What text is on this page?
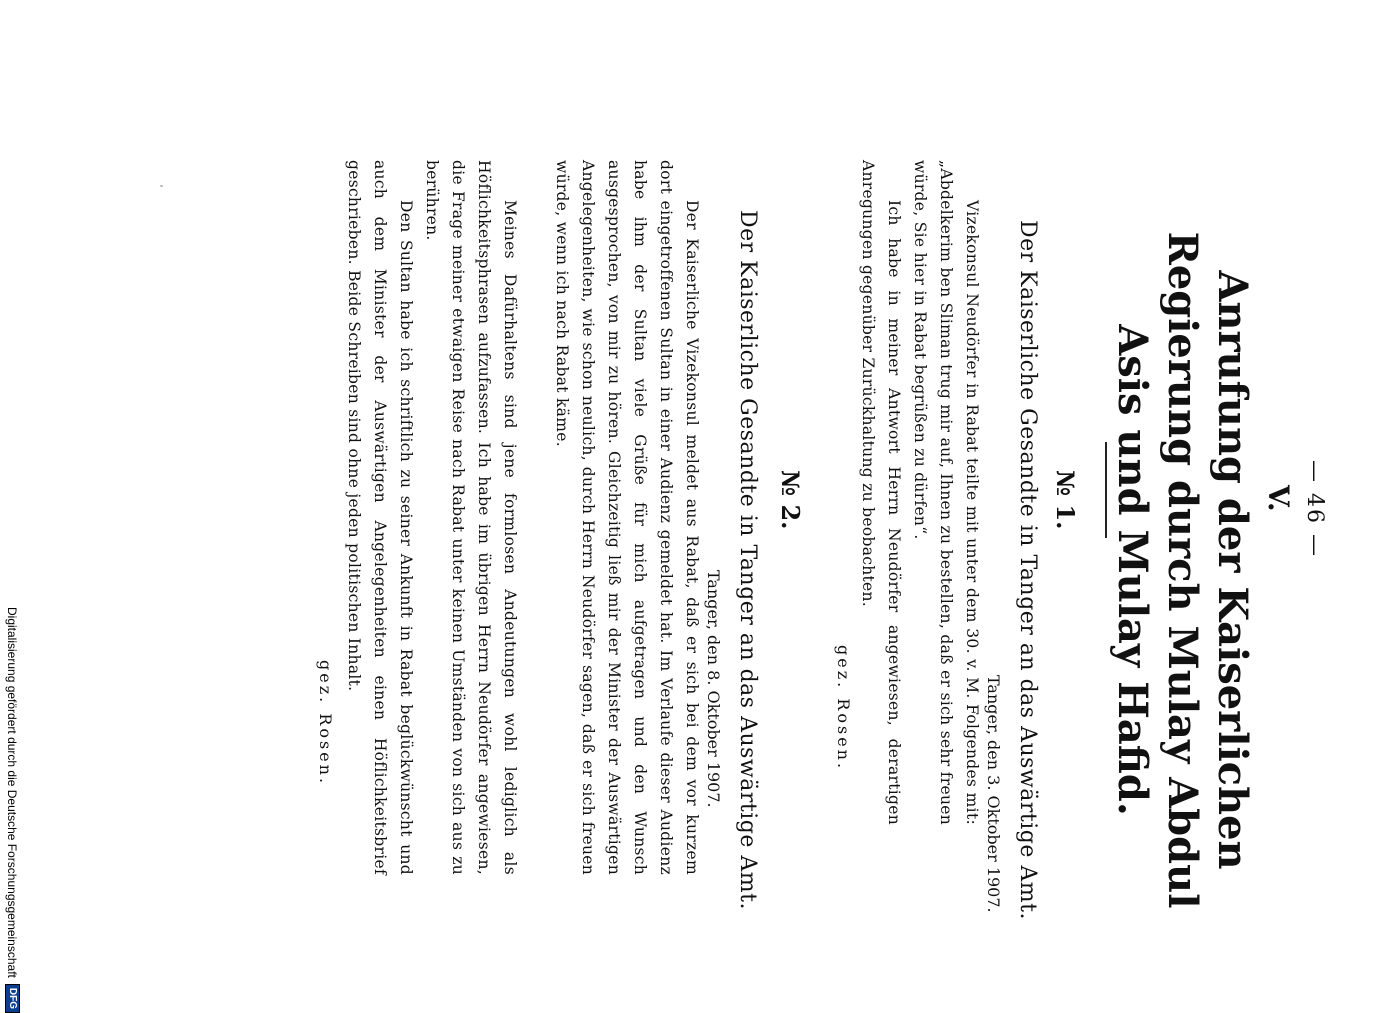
— 46 —
V.
Anrufung der Kaiserlichen Regierung durch Mulay Abdul Asis und Mulay Hafid.
№ 1.
Der Kaiserliche Gesandte in Tanger an das Auswärtige Amt.
Tanger, den 3. Oktober 1907.
Vizekonsul Neudörfer in Rabat teilte mit unter dem 30. v. M. Folgendes mit: „Abdelkerim ben Sliman trug mir auf, Ihnen zu bestellen, daß er sich sehr freuen würde, Sie hier in Rabat begrüßen zu dürfen“.
Ich habe in meiner Antwort Herrn Neudörfer angewiesen, derartigen Anregungen gegenüber Zurückhaltung zu beobachten.
gez. Rosen.
№ 2.
Der Kaiserliche Gesandte in Tanger an das Auswärtige Amt.
Tanger, den 8. Oktober 1907.
Der Kaiserliche Vizekonsul meldet aus Rabat, daß er sich bei dem vor kurzem dort eingetroffenen Sultan in einer Audienz gemeldet hat. Im Verlaufe dieser Audienz habe ihm der Sultan viele Grüße für mich aufgetragen und den Wunsch ausgesprochen, von mir zu hören. Gleichzeitig ließ mir der Minister der Auswärtigen Angelegenheiten, wie schon neulich, durch Herrn Neudörfer sagen, daß er sich freuen würde, wenn ich nach Rabat käme.
Meines Dafürhaltens sind jene formlosen Andeutungen wohl lediglich als Höflichkeitsphrasen aufzufassen. Ich habe im übrigen Herrn Neudörfer angewiesen, die Frage meiner etwaigen Reise nach Rabat unter keinen Umständen von sich aus zu berühren.
Den Sultan habe ich schriftlich zu seiner Ankunft in Rabat beglückwünscht und auch dem Minister der Auswärtigen Angelegenheiten einen Höflichkeitsbrief geschrieben. Beide Schreiben sind ohne jeden politischen Inhalt.
gez. Rosen.
Digitalisierung gefördert durch die Deutsche Forschungsgemeinschaft
DFG
